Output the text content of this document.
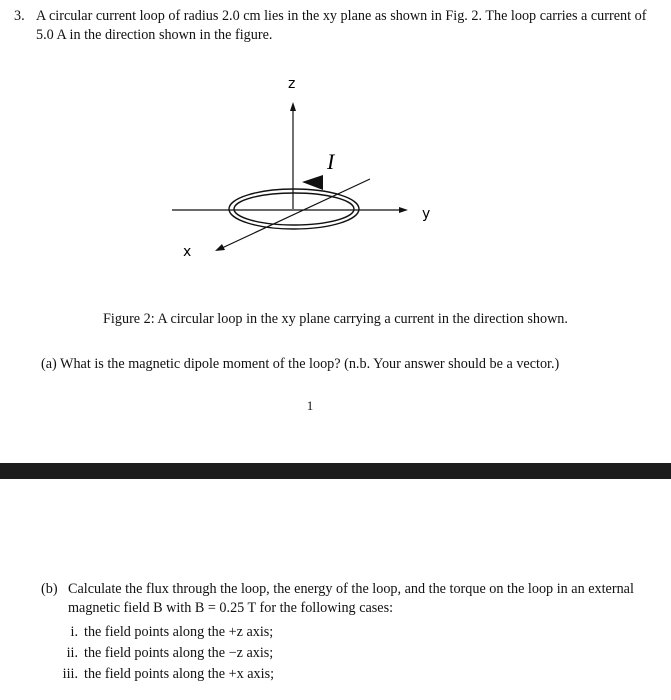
3. A circular current loop of radius 2.0 cm lies in the xy plane as shown in Fig. 2. The loop carries a current of 5.0 A in the direction shown in the figure.
z
y
x
I
Figure 2: A circular loop in the xy plane carrying a current in the direction shown.
(a) What is the magnetic dipole moment of the loop? (n.b. Your answer should be a vector.)
1
(b) Calculate the flux through the loop, the energy of the loop, and the torque on the loop in an external magnetic field B with B = 0.25 T for the following cases:
i. the field points along the +z axis;
ii. the field points along the −z axis;
iii. the field points along the +x axis;
